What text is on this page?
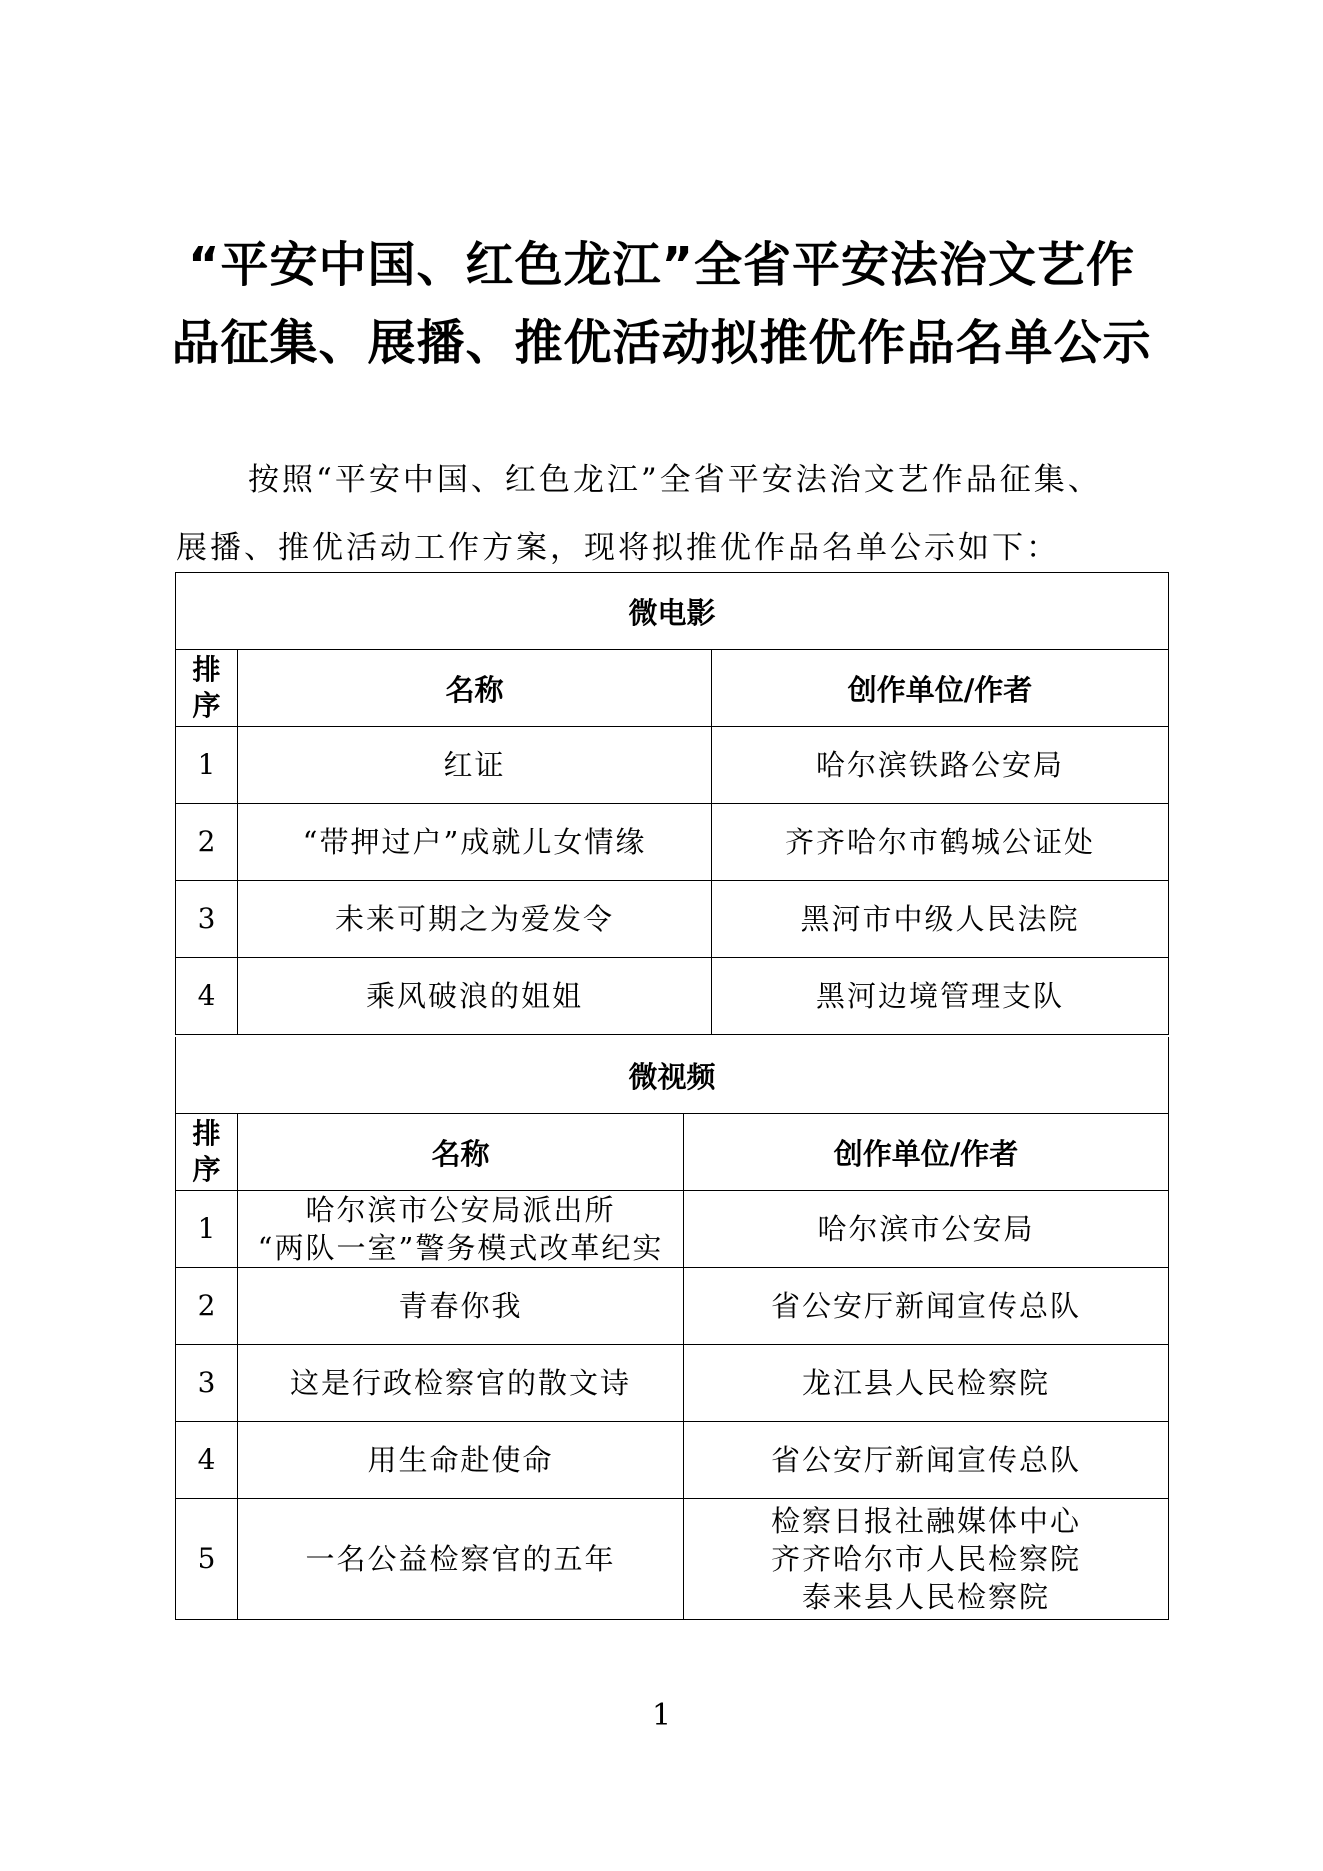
“平安中国、红色龙江”全省平安法治文艺作
品征集、展播、推优活动拟推优作品名单公示
按照“平安中国、红色龙江”全省平安法治文艺作品征集、
展播、推优活动工作方案，现将拟推优作品名单公示如下：
微电影		
排序	名称	创作单位/作者
1	红证	哈尔滨铁路公安局

2	“带押过户”成就儿女情缘	齐齐哈尔市鹤城公证处

3	未来可期之为爱发令	黑河市中级人民法院

4	乘风破浪的姐姐	黑河边境管理支队
微视频		
排序	名称	创作单位/作者
1	哈尔滨市公安局派出所
“两队一室”警务模式改革纪实	哈尔滨市公安局

2	青春你我	省公安厅新闻宣传总队

3	这是行政检察官的散文诗	龙江县人民检察院

4	用生命赴使命	省公安厅新闻宣传总队

5	一名公益检察官的五年	检察日报社融媒体中心
齐齐哈尔市人民检察院
泰来县人民检察院
1
